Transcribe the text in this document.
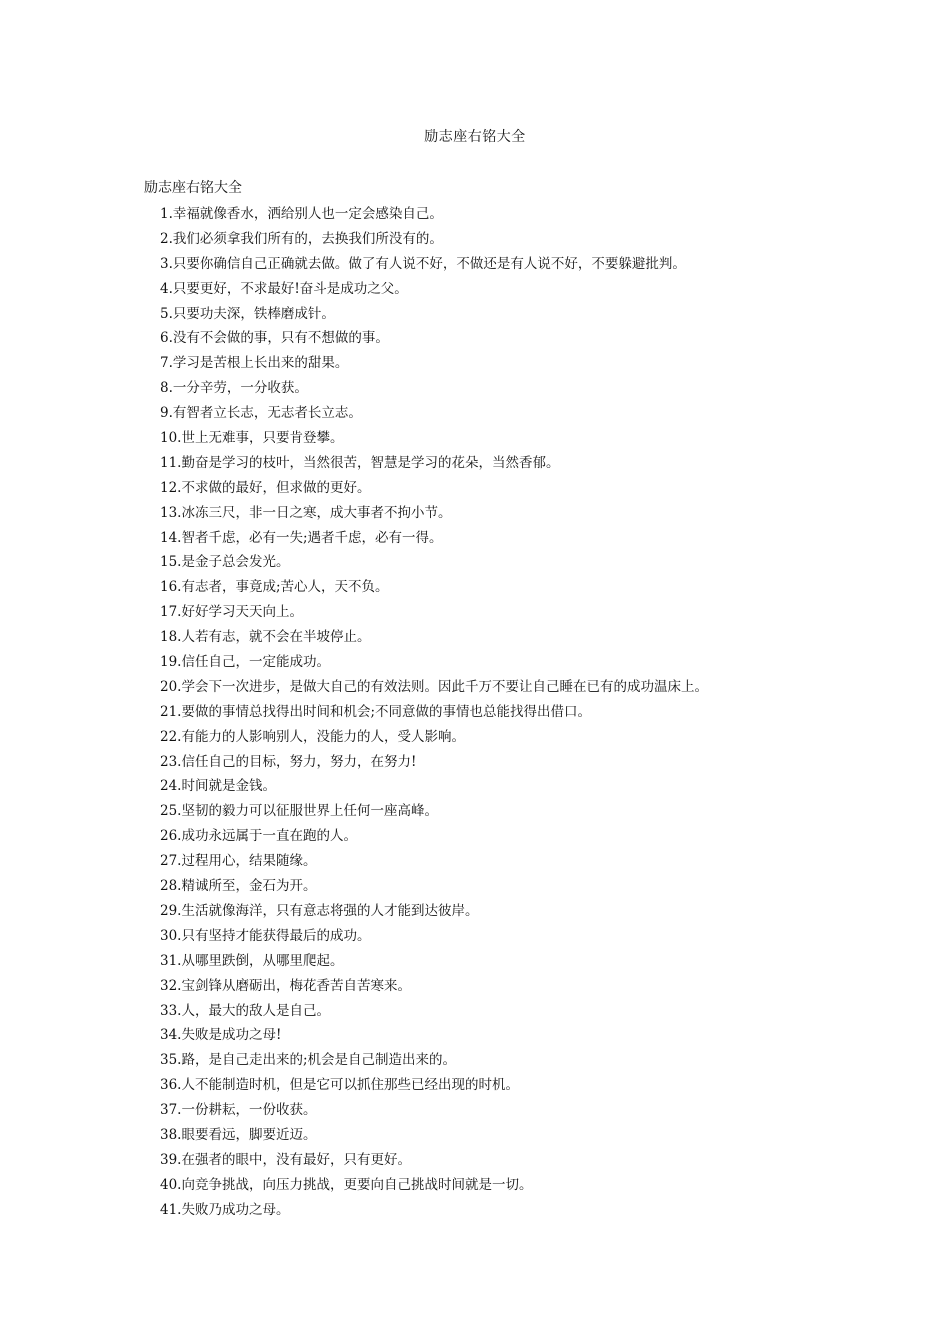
励志座右铭大全
励志座右铭大全
1.幸福就像香水，洒给别人也一定会感染自己。
2.我们必须拿我们所有的，去换我们所没有的。
3.只要你确信自己正确就去做。做了有人说不好，不做还是有人说不好，不要躲避批判。
4.只要更好，不求最好!奋斗是成功之父。
5.只要功夫深，铁棒磨成针。
6.没有不会做的事，只有不想做的事。
7.学习是苦根上长出来的甜果。
8.一分辛劳，一分收获。
9.有智者立长志，无志者长立志。
10.世上无难事，只要肯登攀。
11.勤奋是学习的枝叶，当然很苦，智慧是学习的花朵，当然香郁。
12.不求做的最好，但求做的更好。
13.冰冻三尺，非一日之寒，成大事者不拘小节。
14.智者千虑，必有一失;遇者千虑，必有一得。
15.是金子总会发光。
16.有志者，事竟成;苦心人，天不负。
17.好好学习天天向上。
18.人若有志，就不会在半坡停止。
19.信任自己，一定能成功。
20.学会下一次进步，是做大自己的有效法则。因此千万不要让自己睡在已有的成功温床上。
21.要做的事情总找得出时间和机会;不同意做的事情也总能找得出借口。
22.有能力的人影响别人，没能力的人，受人影响。
23.信任自己的目标，努力，努力，在努力!
24.时间就是金钱。
25.坚韧的毅力可以征服世界上任何一座高峰。
26.成功永远属于一直在跑的人。
27.过程用心，结果随缘。
28.精诚所至，金石为开。
29.生活就像海洋，只有意志将强的人才能到达彼岸。
30.只有坚持才能获得最后的成功。
31.从哪里跌倒，从哪里爬起。
32.宝剑锋从磨砺出，梅花香苦自苦寒来。
33.人，最大的敌人是自己。
34.失败是成功之母!
35.路，是自己走出来的;机会是自己制造出来的。
36.人不能制造时机，但是它可以抓住那些已经出现的时机。
37.一份耕耘，一份收获。
38.眼要看远，脚要近迈。
39.在强者的眼中，没有最好，只有更好。
40.向竞争挑战，向压力挑战，更要向自己挑战时间就是一切。
41.失败乃成功之母。
